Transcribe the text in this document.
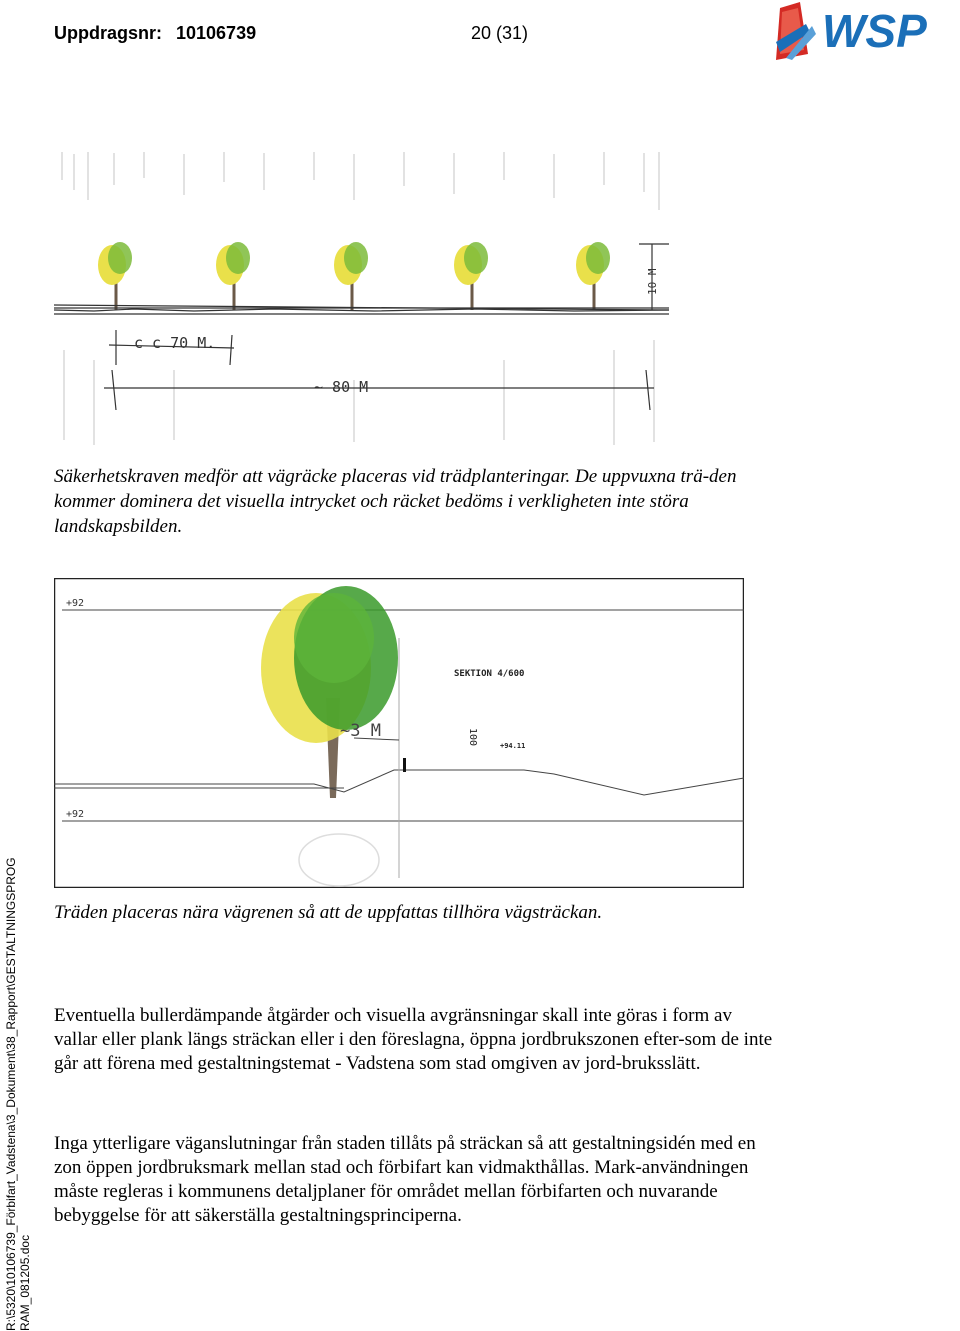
Uppdragsnr: 10106739	20 (31)	WSP
R:\5320\10106739_Förbifart_Vadstena\3_Dokument\38_Rapport\GESTALTNINGSPROG RAM_081205.doc
c c 70 M.
~ 80 M
10 M

Säkerhetskraven medför att vägräcke placeras vid trädplanteringar. De uppvuxna trä-den kommer dominera det visuella intrycket och räcket bedöms i verkligheten inte störa landskapsbilden.

+92
+92
SEKTION 4/600
100	+94.11
~3 M

Träden placeras nära vägrenen så att de uppfattas tillhöra vägsträckan.

Eventuella bullerdämpande åtgärder och visuella avgränsningar skall inte göras i form av vallar eller plank längs sträckan eller i den föreslagna, öppna jordbrukszonen efter-som de inte går att förena med gestaltningstemat - Vadstena som stad omgiven av jord-bruksslätt.

Inga ytterligare väganslutningar från staden tillåts på sträckan så att gestaltningsidén med en zon öppen jordbruksmark mellan stad och förbifart kan vidmakthållas. Mark-användningen måste regleras i kommunens detaljplaner för området mellan förbifarten och nuvarande bebyggelse för att säkerställa gestaltningsprinciperna.
